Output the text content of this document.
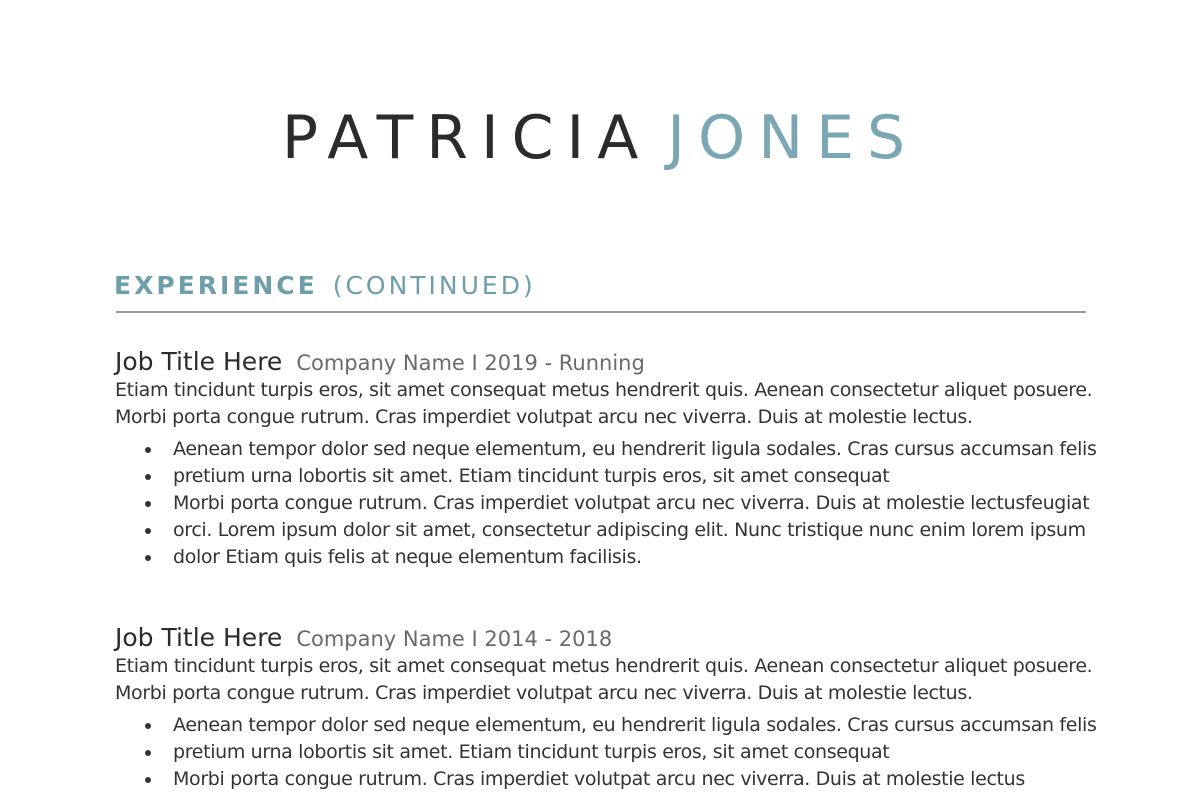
PATRICIA JONES
EXPERIENCE (CONTINUED)
Job Title Here Company Name I 2019 - Running
Etiam tincidunt turpis eros, sit amet consequat metus hendrerit quis. Aenean consectetur aliquet posuere.
Morbi porta congue rutrum. Cras imperdiet volutpat arcu nec viverra. Duis at molestie lectus.
Aenean tempor dolor sed neque elementum, eu hendrerit ligula sodales. Cras cursus accumsan felis
pretium urna lobortis sit amet. Etiam tincidunt turpis eros, sit amet consequat
Morbi porta congue rutrum. Cras imperdiet volutpat arcu nec viverra. Duis at molestie lectusfeugiat
orci. Lorem ipsum dolor sit amet, consectetur adipiscing elit. Nunc tristique nunc enim lorem ipsum
dolor Etiam quis felis at neque elementum facilisis.
Job Title Here Company Name I 2014 - 2018
Etiam tincidunt turpis eros, sit amet consequat metus hendrerit quis. Aenean consectetur aliquet posuere.
Morbi porta congue rutrum. Cras imperdiet volutpat arcu nec viverra. Duis at molestie lectus.
Aenean tempor dolor sed neque elementum, eu hendrerit ligula sodales. Cras cursus accumsan felis
pretium urna lobortis sit amet. Etiam tincidunt turpis eros, sit amet consequat
Morbi porta congue rutrum. Cras imperdiet volutpat arcu nec viverra. Duis at molestie lectus
